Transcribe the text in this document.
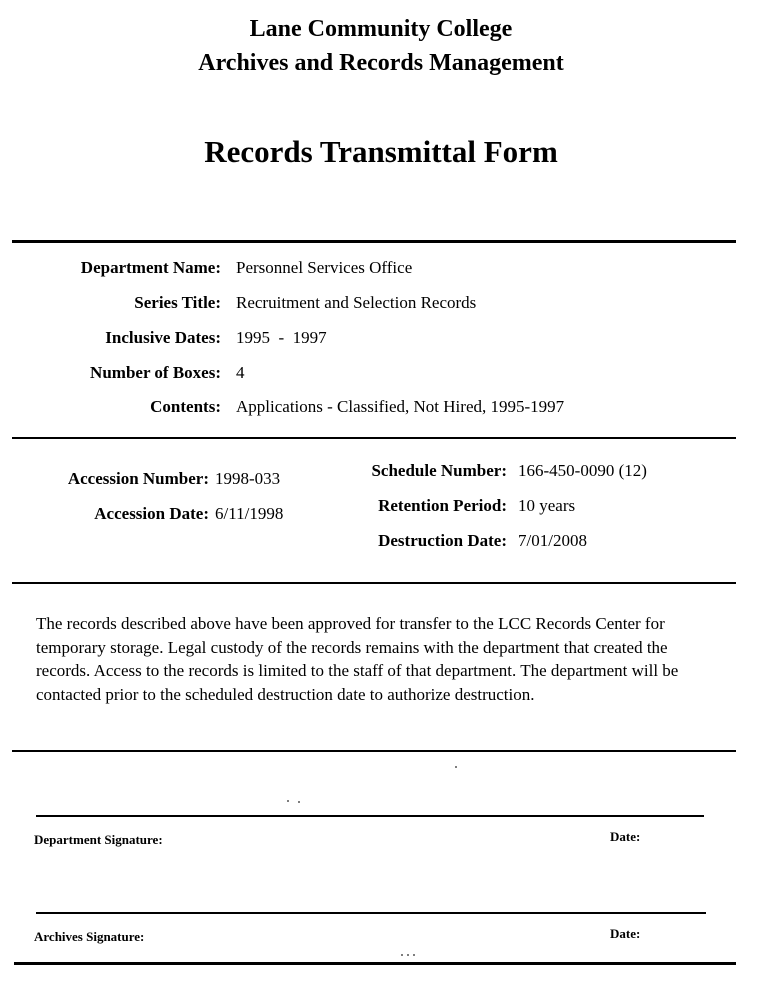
Lane Community College
Archives and Records Management
Records Transmittal Form
Department Name: Personnel Services Office
Series Title: Recruitment and Selection Records
Inclusive Dates: 1995  -  1997
Number of Boxes: 4
Contents: Applications - Classified, Not Hired, 1995-1997
Accession Number: 1998-033
Accession Date: 6/11/1998
Schedule Number: 166-450-0090 (12)
Retention Period: 10 years
Destruction Date: 7/01/2008
The records described above have been approved for transfer to the LCC Records Center for temporary storage. Legal custody of the records remains with the department that created the records. Access to the records is limited to the staff of that department. The department will be contacted prior to the scheduled destruction date to authorize destruction.
Department Signature:	Date:
Archives Signature:	Date:
